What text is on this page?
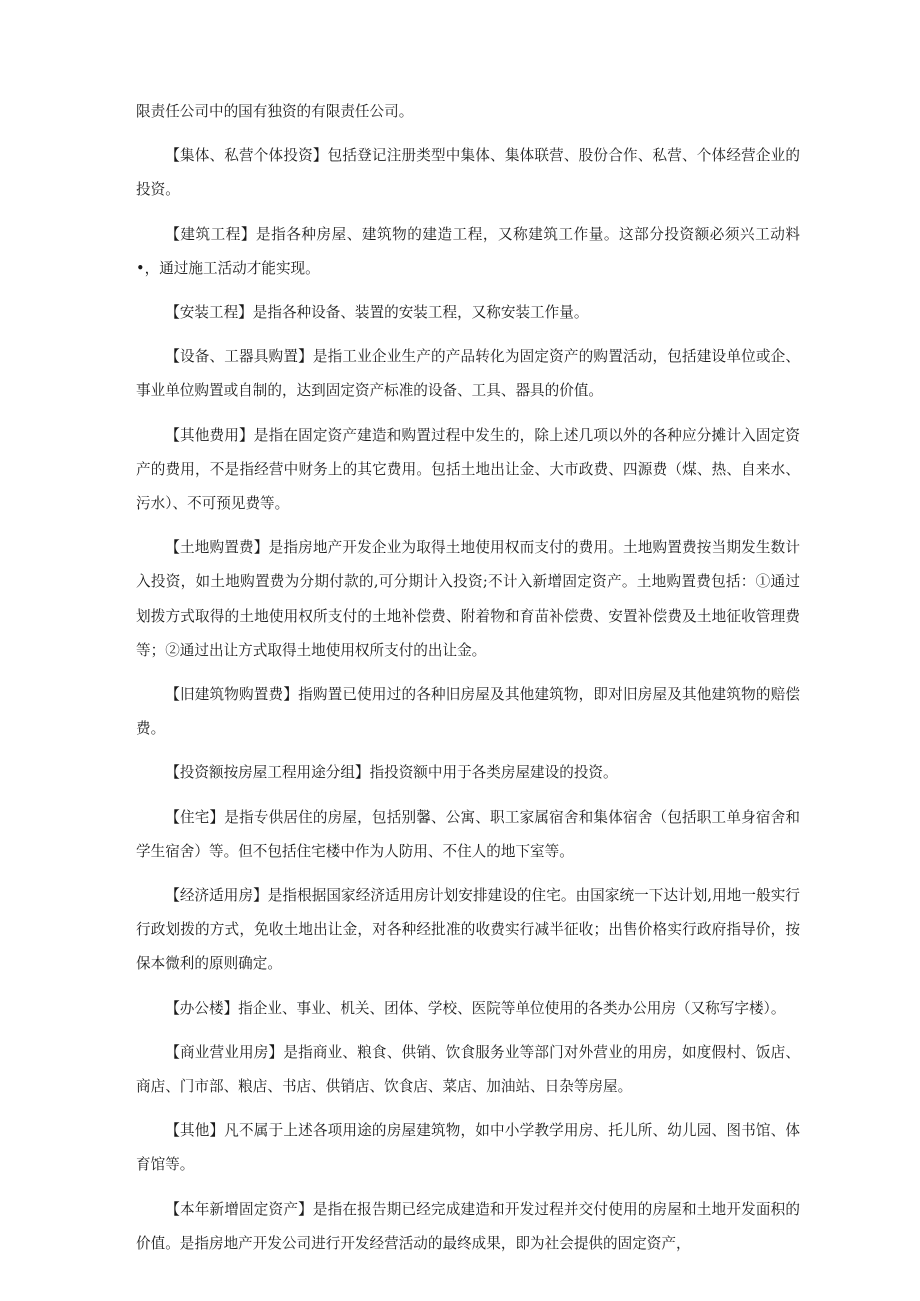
限责任公司中的国有独资的有限责任公司。

【集体、私营个体投资】包括登记注册类型中集体、集体联营、股份合作、私营、个体经营企业的投资。

【建筑工程】是指各种房屋、建筑物的建造工程，又称建筑工作量。这部分投资额必须兴工动料•，通过施工活动才能实现。

【安装工程】是指各种设备、装置的安装工程，又称安装工作量。

【设备、工器具购置】是指工业企业生产的产品转化为固定资产的购置活动，包括建设单位或企、事业单位购置或自制的，达到固定资产标准的设备、工具、器具的价值。

【其他费用】是指在固定资产建造和购置过程中发生的，除上述几项以外的各种应分摊计入固定资产的费用，不是指经营中财务上的其它费用。包括土地出让金、大市政费、四源费（煤、热、自来水、污水）、不可预见费等。

【土地购置费】是指房地产开发企业为取得土地使用权而支付的费用。土地购置费按当期发生数计入投资，如土地购置费为分期付款的,可分期计入投资;不计入新增固定资产。土地购置费包括：①通过划拨方式取得的土地使用权所支付的土地补偿费、附着物和育苗补偿费、安置补偿费及土地征收管理费等；②通过出让方式取得土地使用权所支付的出让金。

【旧建筑物购置费】指购置已使用过的各种旧房屋及其他建筑物，即对旧房屋及其他建筑物的赔偿费。

【投资额按房屋工程用途分组】指投资额中用于各类房屋建设的投资。

【住宅】是指专供居住的房屋，包括别馨、公寓、职工家属宿舍和集体宿舍（包括职工单身宿舍和学生宿舍）等。但不包括住宅楼中作为人防用、不住人的地下室等。

【经济适用房】是指根据国家经济适用房计划安排建设的住宅。由国家统一下达计划,用地一般实行行政划拨的方式，免收土地出让金，对各种经批准的收费实行减半征收；出售价格实行政府指导价，按保本微利的原则确定。

【办公楼】指企业、事业、机关、团体、学校、医院等单位使用的各类办公用房（又称写字楼）。

【商业营业用房】是指商业、粮食、供销、饮食服务业等部门对外营业的用房，如度假村、饭店、商店、门市部、粮店、书店、供销店、饮食店、菜店、加油站、日杂等房屋。

【其他】凡不属于上述各项用途的房屋建筑物，如中小学教学用房、托儿所、幼儿园、图书馆、体育馆等。

【本年新增固定资产】是指在报告期已经完成建造和开发过程并交付使用的房屋和土地开发面积的价值。是指房地产开发公司进行开发经营活动的最终成果，即为社会提供的固定资产，
